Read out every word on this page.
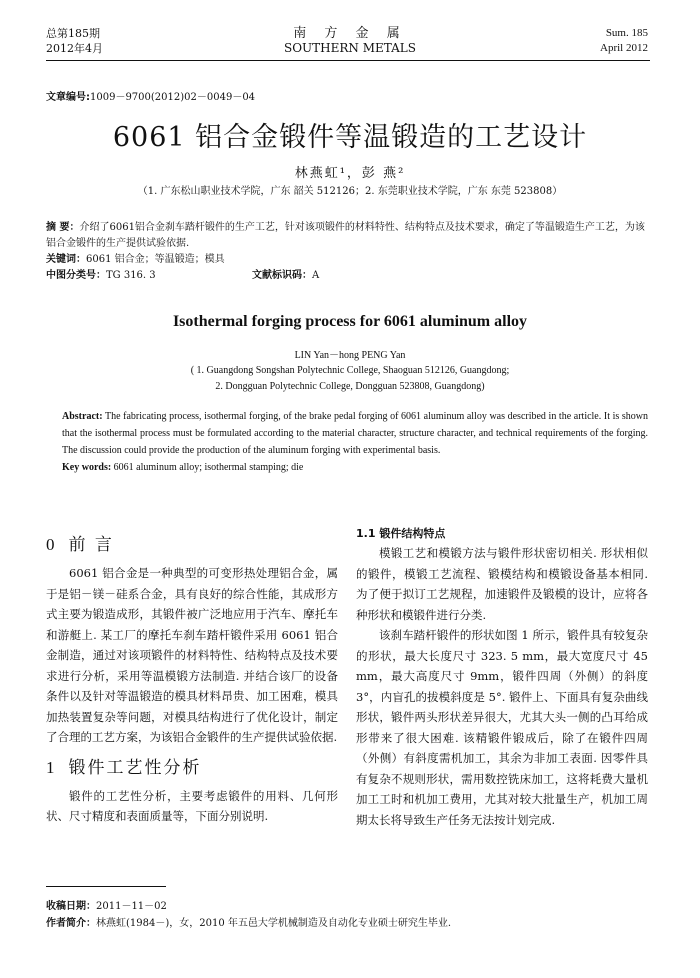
总第185期
2012年4月
南 方 金 属
SOUTHERN METALS
Sum. 185
April 2012
文章编号:1009－9700(2012)02－0049－04
6061 铝合金锻件等温锻造的工艺设计
林燕虹¹，彭 燕²
（1. 广东松山职业技术学院，广东 韶关 512126；2. 东莞职业技术学院，广东 东莞 523808）
摘 要：介绍了6061铝合金刹车踏杆锻件的生产工艺，针对该项锻件的材料特性、结构特点及技术要求，确定了等温锻造生产工艺，为该铝合金锻件的生产提供试验依据.
关键词：6061 铝合金；等温锻造；模具
中图分类号：TG 316. 3	文献标识码：A
Isothermal forging process for 6061 aluminum alloy
LIN Yan－hong PENG Yan
( 1. Guangdong Songshan Polytechnic College, Shaoguan 512126, Guangdong;
2. Dongguan Polytechnic College, Dongguan 523808, Guangdong)
Abstract: The fabricating process, isothermal forging, of the brake pedal forging of 6061 aluminum alloy was described in the article. It is shown that the isothermal process must be formulated according to the material character, structure character, and technical requirements of the forging. The discussion could provide the production of the aluminum forging with experimental basis.
Key words: 6061 aluminum alloy; isothermal stamping; die
0 前 言

6061 铝合金是一种典型的可变形热处理铝合金，属于是铝－镁－硅系合金，具有良好的综合性能，其成形方式主要为锻造成形，其锻件被广泛地应用于汽车、摩托车和游艇上. 某工厂的摩托车刹车踏杆锻件采用 6061 铝合金制造，通过对该项锻件的材料特性、结构特点及技术要求进行分析，采用等温模锻方法制造. 并结合该厂的设备条件以及针对等温锻造的模具材料昂贵、加工困难，模具加热装置复杂等问题，对模具结构进行了优化设计，制定了合理的工艺方案，为该铝合金锻件的生产提供试验依据.

1 锻件工艺性分析

锻件的工艺性分析，主要考虑锻件的用料、几何形状、尺寸精度和表面质量等，下面分别说明.

1.1 锻件结构特点

模锻工艺和模锻方法与锻件形状密切相关. 形状相似的锻件，模锻工艺流程、锻模结构和模锻设备基本相同. 为了便于拟订工艺规程，加速锻件及锻模的设计，应将各种形状和模锻件进行分类.

该刹车踏杆锻件的形状如图 1 所示，锻件具有较复杂的形状，最大长度尺寸 323. 5 mm，最大宽度尺寸 45 mm，最大高度尺寸 9mm，锻件四周（外侧）的斜度 3°，内盲孔的拔模斜度是 5°. 锻件上、下面具有复杂曲线形状，锻件两头形状差异很大，尤其大头一侧的凸耳给成形带来了很大困难. 该精锻件锻成后，除了在锻件四周（外侧）有斜度需机加工，其余为非加工表面. 因零件具有复杂不规则形状，需用数控铣床加工，这将耗费大量机加工工时和机加工费用，尤其对较大批量生产，机加工周期太长将导致生产任务无法按计划完成.

收稿日期：2011－11－02
作者简介：林燕虹(1984－)，女，2010 年五邑大学机械制造及自动化专业硕士研究生毕业.
